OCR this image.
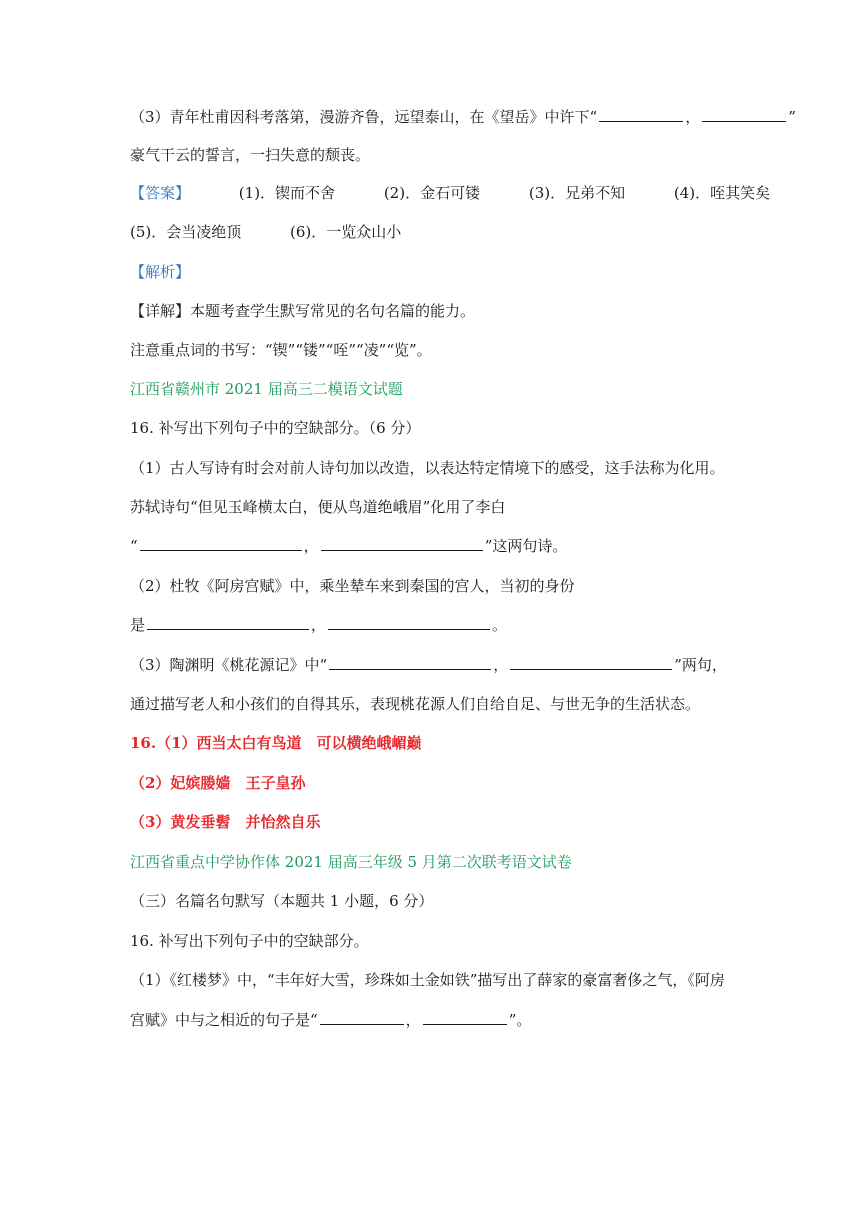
（3）青年杜甫因科考落第，漫游齐鲁，远望泰山，在《望岳》中许下“	，	”
豪气干云的誓言，一扫失意的颓丧。
【答案】	(1)．锲而不舍	(2)．金石可镂	(3)．兄弟不知	(4)．咥其笑矣
(5)．会当凌绝顶	(6)．一览众山小
【解析】
【详解】本题考查学生默写常见的名句名篇的能力。
注意重点词的书写：“锲”“镂”“咥”“凌”“览”。
江西省赣州市 2021 届高三二模语文试题
16. 补写出下列句子中的空缺部分。（6 分）
（1）古人写诗有时会对前人诗句加以改造，以表达特定情境下的感受，这手法称为化用。
苏轼诗句“但见玉峰横太白，便从鸟道绝峨眉”化用了李白
“	，	”这两句诗。
（2）杜牧《阿房宫赋》中，乘坐辇车来到秦国的宫人，当初的身份
是	，	。
（3）陶渊明《桃花源记》中“	，	”两句，
通过描写老人和小孩们的自得其乐，表现桃花源人们自给自足、与世无争的生活状态。
16.（1）西当太白有鸟道　可以横绝峨嵋巅
（2）妃嫔媵嫱　王子皇孙
（3）黄发垂髫　并怡然自乐
江西省重点中学协作体 2021 届高三年级 5 月第二次联考语文试卷
（三）名篇名句默写（本题共 1 小题，6 分）
16. 补写出下列句子中的空缺部分。
（1）《红楼梦》中，“丰年好大雪，珍珠如土金如铁”描写出了薛家的豪富奢侈之气，《阿房
宫赋》中与之相近的句子是“	，	”。
